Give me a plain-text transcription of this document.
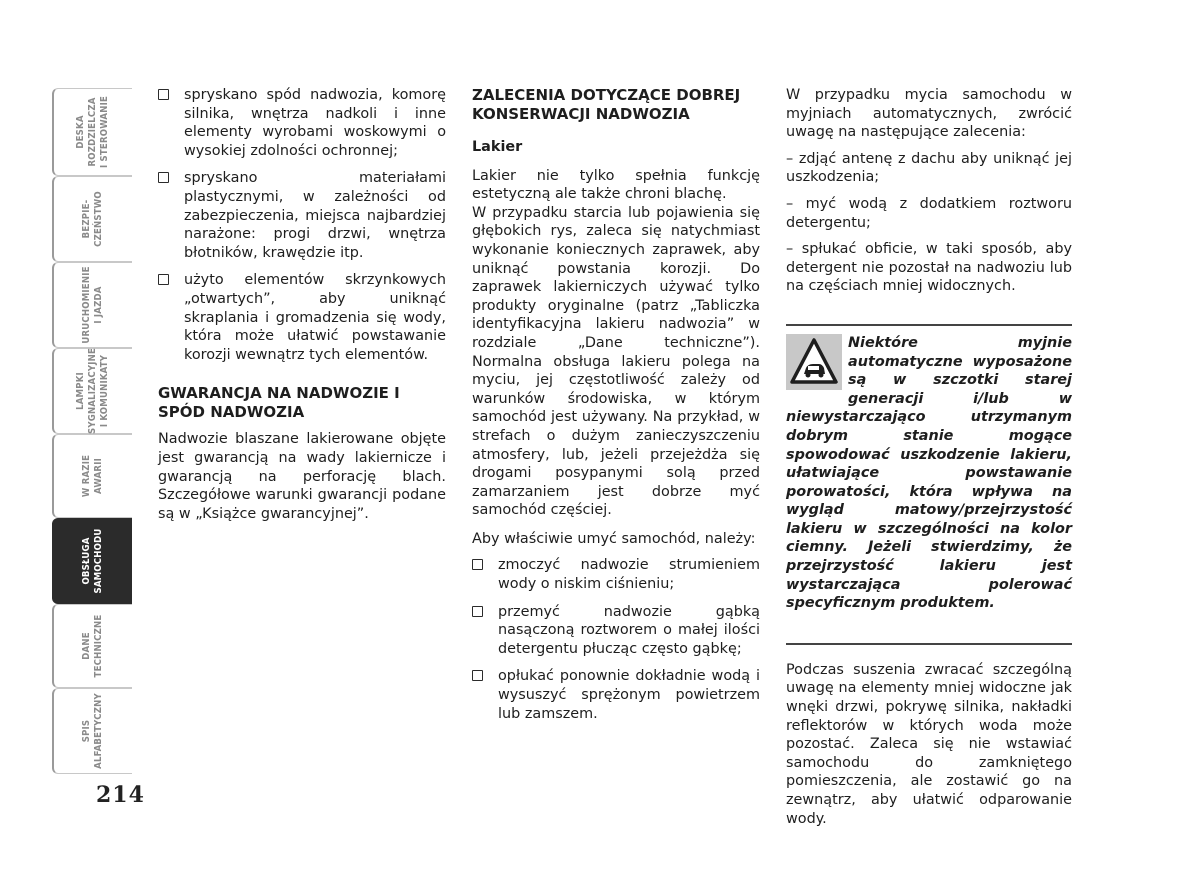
DESKA ROZDZIELCZA I STEROWANIE
BEZPIE- CZEŃSTWO
URUCHOMIENIE I JAZDA
LAMPKI SYGNALIZACYJNE I KOMUNIKATY
W RAZIE AWARII
OBSŁUGA SAMOCHODU
DANE TECHNICZNE
SPIS ALFABETYCZNY
214
spryskano spód nadwozia, komorę silnika, wnętrza nadkoli i inne elementy wyrobami woskowymi o wysokiej zdolności ochronnej;
spryskano materiałami plastycznymi, w zależności od zabezpieczenia, miejsca najbardziej narażone: progi drzwi, wnętrza błotników, krawędzie itp.
użyto elementów skrzynkowych „otwartych”, aby uniknąć skraplania i gromadzenia się wody, która może ułatwić powstawanie korozji wewnątrz tych elementów.
GWARANCJA NA NADWOZIE I SPÓD NADWOZIA

Nadwozie blaszane lakierowane objęte jest gwarancją na wady lakiernicze i gwarancją na perforację blach. Szczegółowe warunki gwarancji podane są w „Książce gwarancyjnej”.

ZALECENIA DOTYCZĄCE DOBREJ KONSERWACJI NADWOZIA
Lakier

Lakier nie tylko spełnia funkcję estetyczną ale także chroni blachę.

W przypadku starcia lub pojawienia się głębokich rys, zaleca się natychmiast wykonanie koniecznych zaprawek, aby uniknąć powstania korozji. Do zaprawek lakierniczych używać tylko produkty oryginalne (patrz „Tabliczka identyfikacyjna lakieru nadwozia” w rozdziale „Dane techniczne”). Normalna obsługa lakieru polega na myciu, jej częstotliwość zależy od warunków środowiska, w którym samochód jest używany. Na przykład, w strefach o dużym zanieczyszczeniu atmosfery, lub, jeżeli przejeżdża się drogami posypanymi solą przed zamarzaniem jest dobrze myć samochód częściej.

Aby właściwie umyć samochód, należy:

zmoczyć nadwozie strumieniem wody o niskim ciśnieniu;
przemyć nadwozie gąbką nasączoną roztworem o małej ilości detergentu płucząc często gąbkę;
opłukać ponownie dokładnie wodą i wysuszyć sprężonym powietrzem lub zamszem.

W przypadku mycia samochodu w myjniach automatycznych, zwrócić uwagę na następujące zalecenia:

– zdjąć antenę z dachu aby uniknąć jej uszkodzenia;

– myć wodą z dodatkiem roztworu detergentu;

– spłukać obficie, w taki sposób, aby detergent nie pozostał na nadwoziu lub na częściach mniej widocznych.

Niektóre myjnie automatyczne wyposażone są w szczotki starej generacji i/lub w niewystarczająco utrzymanym dobrym stanie mogące spowodować uszkodzenie lakieru, ułatwiające powstawanie porowatości, która wpływa na wygląd matowy/przejrzystość lakieru w szczególności na kolor ciemny. Jeżeli stwierdzimy, że przejrzystość lakieru jest wystarczająca polerować specyficznym produktem.

Podczas suszenia zwracać szczególną uwagę na elementy mniej widoczne jak wnęki drzwi, pokrywę silnika, nakładki reflektorów w których woda może pozostać. Zaleca się nie wstawiać samochodu do zamkniętego pomieszczenia, ale zostawić go na zewnątrz, aby ułatwić odparowanie wody.
